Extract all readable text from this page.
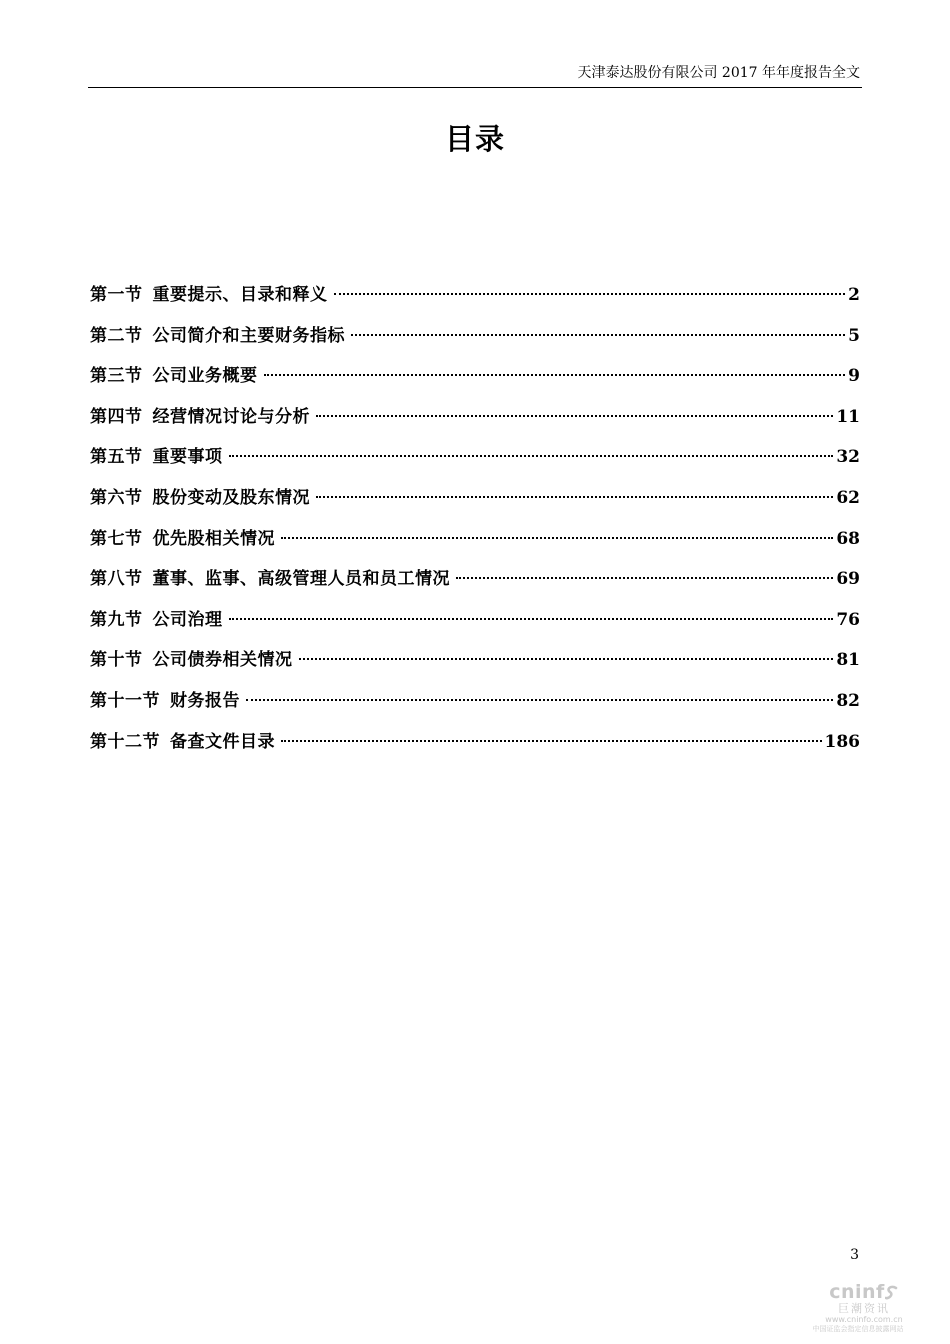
天津泰达股份有限公司 2017 年年度报告全文
目录
第一节 重要提示、目录和释义	2
第二节 公司简介和主要财务指标	5
第三节 公司业务概要	9
第四节 经营情况讨论与分析	11
第五节 重要事项	32
第六节 股份变动及股东情况	62
第七节 优先股相关情况	68
第八节 董事、监事、高级管理人员和员工情况	69
第九节 公司治理	76
第十节 公司债券相关情况	81
第十一节 财务报告	82
第十二节 备查文件目录	186
3
cninf
巨潮资讯
www.cninfo.com.cn
中国证监会指定信息披露网站
